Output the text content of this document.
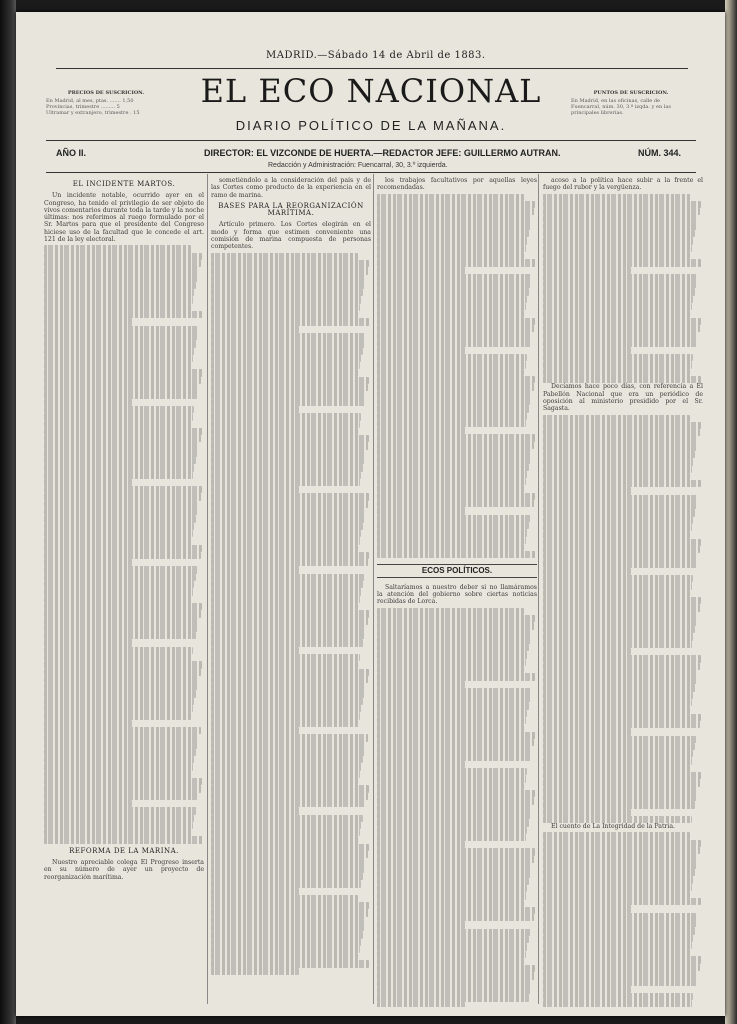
MADRID.—Sábado 14 de Abril de 1883.
PRECIOS DE SUSCRICION.
En Madrid, al mes, ptas. ....... 1,50
Provincias, trimestre ......... 5
Ultramar y extranjero, trimestre . 15
EL ECO NACIONAL
DIARIO POLÍTICO DE LA MAÑANA.
PUNTOS DE SUSCRICION.
En Madrid, en las oficinas, calle de
Fuencarral, núm. 30, 3.º izqda. y en las
principales librerías.
AÑO II.	DIRECTOR: EL VIZCONDE DE HUERTA.—REDACTOR JEFE: GUILLERMO AUTRAN.	NÚM. 344.
Redacción y Administración: Fuencarral, 30, 3.º izquierda.
EL INCIDENTE MARTOS.

Un incidente notable, ocurrido ayer en el Congreso, ha tenido el privilegio de ser objeto de vivos comentarios durante toda la tarde y la noche últimas: nos referimos al ruego formulado por el Sr. Martos para que el presidente del Congreso hiciese uso de la facultad que le concede el art. 121 de la ley electoral.

REFORMA DE LA MARINA.

Nuestro apreciable colega El Progreso inserta en su número de ayer un proyecto de reorganización marítima.

sometiéndolo a la consideración del país y de las Cortes como producto de la experiencia en el ramo de marina.

BASES PARA LA REORGANIZACIÓN MARÍTIMA.

Artículo primero. Los Cortes elegirán en el modo y forma que estimen conveniente una comisión de marina compuesta de personas competentes.

los trabajos facultativos por aquellas leyes recomendadas.

ECOS POLÍTICOS.

Saltaríamos a nuestro deber si no llamáramos la atención del gobierno sobre ciertas noticias recibidas de Lorca.

acoso a la política hace subir a la frente el fuego del rubor y la vergüenza.

Decíamos hace poco días, con referencia a El Pabellón Nacional que era un periódico de oposición al ministerio presidido por el Sr. Sagasta.

El cuento de La Integridad de la Patria.
